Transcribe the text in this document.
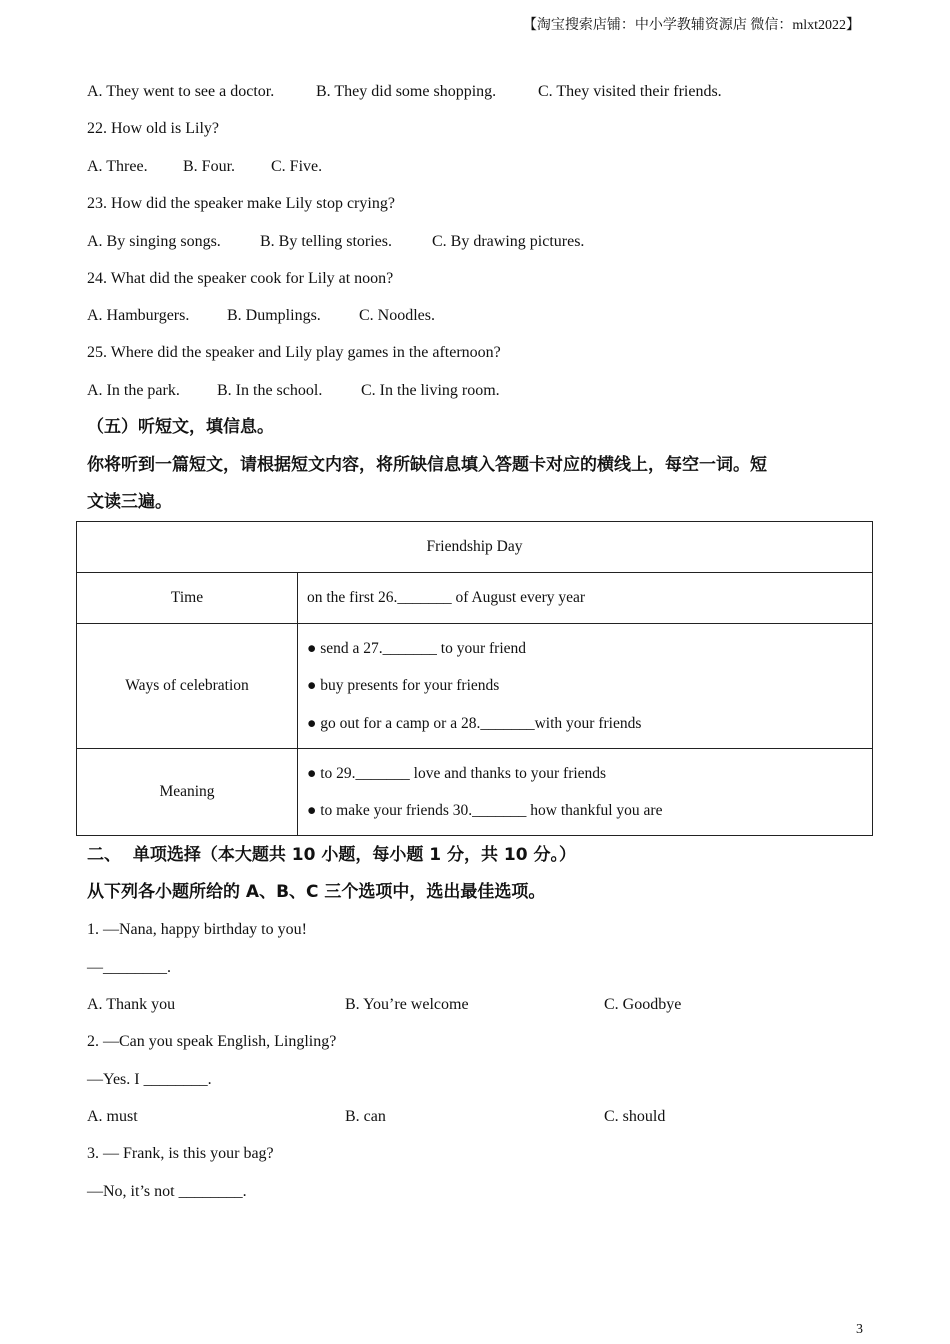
【淘宝搜索店铺：中小学教辅资源店 微信：mlxt2022】
A. They went to see a doctor.	B. They did some shopping.	C. They visited their friends.
22. How old is Lily?
A. Three. B. Four. C. Five.
23. How did the speaker make Lily stop crying?
A. By singing songs. B. By telling stories.	C. By drawing pictures.
24. What did the speaker cook for Lily at noon?
A. Hamburgers. B. Dumplings. C. Noodles.
25. Where did the speaker and Lily play games in the afternoon?
A. In the park. B. In the school. C. In the living room.
（五）听短文，填信息。
你将听到一篇短文，请根据短文内容，将所缺信息填入答题卡对应的横线上，每空一词。短
文读三遍。
Friendship Day	
Time	on the first 26._______ of August every year
Ways of celebration	● send a 27._______ to your friend
● buy presents for your friends
● go out for a camp or a 28._______with your friends

Meaning	● to 29._______ love and thanks to your friends
● to make your friends 30._______ how thankful you are
二、  单项选择（本大题共 10 小题，每小题 1 分，共 10 分。）
从下列各小题所给的 A、B、C 三个选项中，选出最佳选项。
1. —Nana, happy birthday to you!
—________.
A. Thank you	B. You’re welcome	C. Goodbye
2. —Can you speak English, Lingling?
—Yes. I ________.
A. must	B. can	C. should
3. — Frank, is this your bag?
—No, it’s not ________.
3
